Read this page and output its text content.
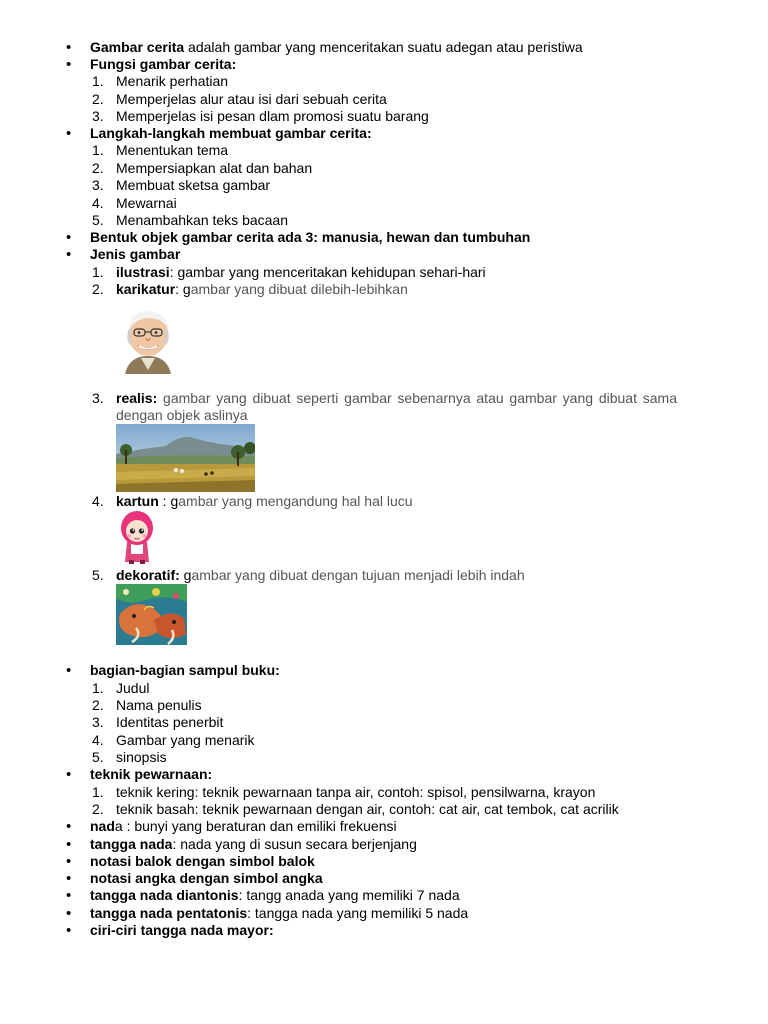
• Gambar cerita adalah gambar yang menceritakan suatu adegan atau peristiwa
• Fungsi gambar cerita:
1. Menarik perhatian
2. Memperjelas alur atau isi dari sebuah cerita
3. Memperjelas isi pesan dlam promosi suatu barang
• Langkah-langkah membuat gambar cerita:
1. Menentukan tema
2. Mempersiapkan alat dan bahan
3. Membuat sketsa gambar
4. Mewarnai
5. Menambahkan teks bacaan
• Bentuk objek gambar cerita ada 3: manusia, hewan dan tumbuhan
• Jenis gambar
1. ilustrasi: gambar yang menceritakan kehidupan sehari-hari
2. karikatur: gambar yang dibuat dilebih-lebihkan
3. realis: gambar yang dibuat seperti gambar sebenarnya atau gambar yang dibuat sama dengan objek aslinya
4. kartun : gambar yang mengandung hal hal lucu
5. dekoratif: gambar yang dibuat dengan tujuan menjadi lebih indah
• bagian-bagian sampul buku:
1. Judul
2. Nama penulis
3. Identitas penerbit
4. Gambar yang menarik
5. sinopsis
• teknik pewarnaan:
1. teknik kering: teknik pewarnaan tanpa air, contoh: spisol, pensilwarna, krayon
2. teknik basah: teknik pewarnaan dengan air, contoh: cat air, cat tembok, cat acrilik
• nada : bunyi yang beraturan dan emiliki frekuensi
• tangga nada: nada yang di susun secara berjenjang
• notasi balok dengan simbol balok
• notasi angka dengan simbol angka
• tangga nada diantonis: tangg anada yang memiliki 7 nada
• tangga nada pentatonis: tangga nada yang memiliki 5 nada
• ciri-ciri tangga nada mayor:
